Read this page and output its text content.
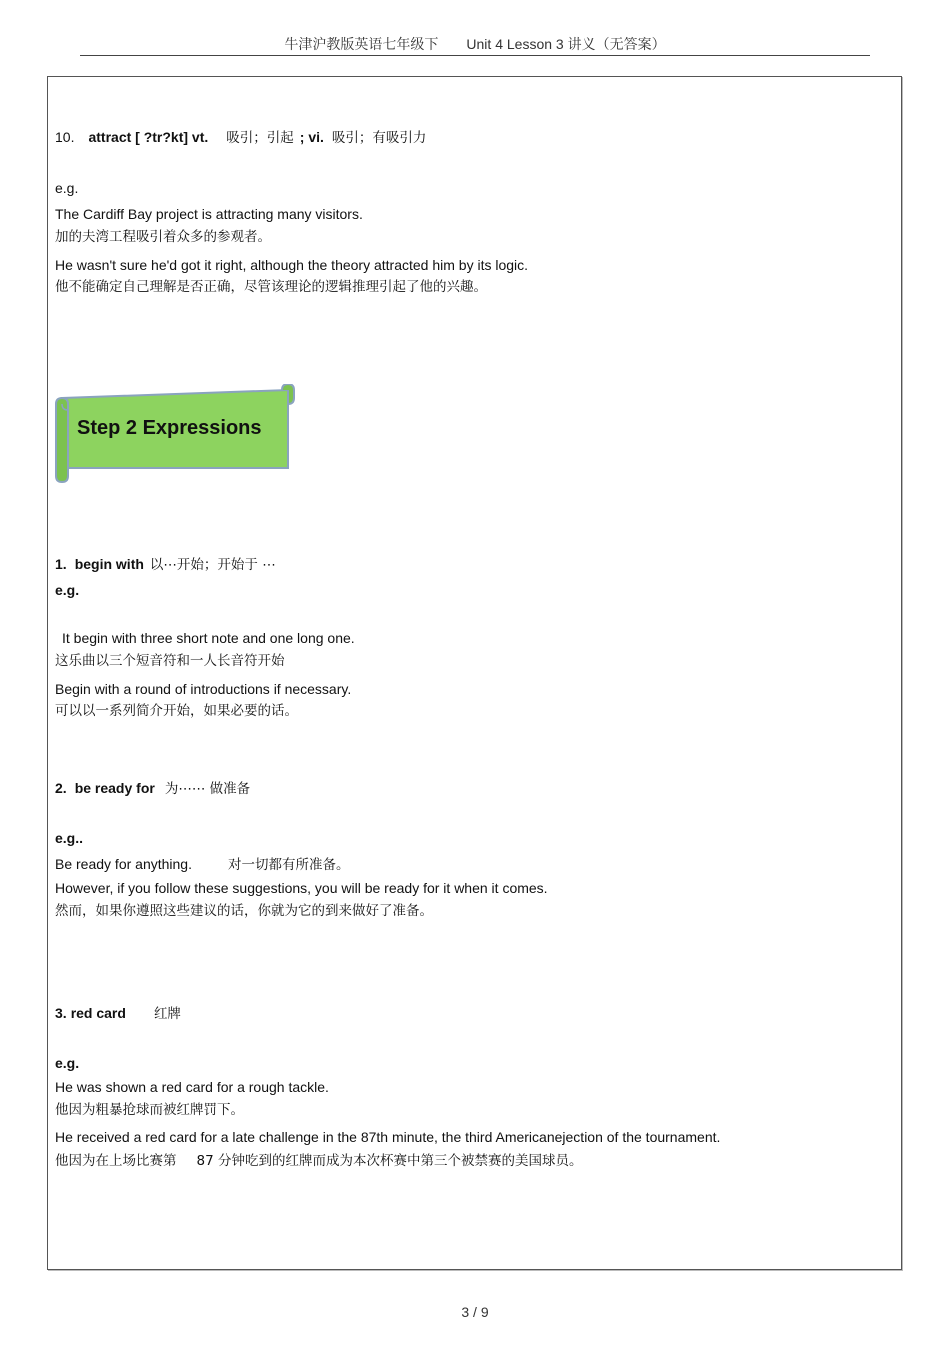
牛津沪教版英语七年级下 Unit 4 Lesson 3 讲义（无答案）
10. attract [ ?tr?kt] vt. 吸引；引起 ; vi. 吸引；有吸引力
e.g.
The Cardiff Bay project is attracting many visitors.
加的夫湾工程吸引着众多的参观者。
He wasn't sure he'd got it right, although the theory attracted him by its logic.
他不能确定自己理解是否正确，尽管该理论的逻辑推理引起了他的兴趣。
Step 2 Expressions
1. begin with 以⋯开始；开始于 ⋯
e.g.
It begin with three short note and one long one.
这乐曲以三个短音符和一人长音符开始
Begin with a round of introductions if necessary.
可以以一系列简介开始，如果必要的话。
2. be ready for 为⋯⋯ 做准备
e.g..
Be ready for anything.	对一切都有所准备。
However, if you follow these suggestions, you will be ready for it when it comes.
然而，如果你遵照这些建议的话，你就为它的到来做好了准备。
3. red card 红牌
e.g.
He was shown a red card for a rough tackle.
他因为粗暴抢球而被红牌罚下。
He received a red card for a late challenge in the 87th minute, the third Americanejection of the tournament.
他因为在上场比赛第 87 分钟吃到的红牌而成为本次杯赛中第三个被禁赛的美国球员。
3 / 9
